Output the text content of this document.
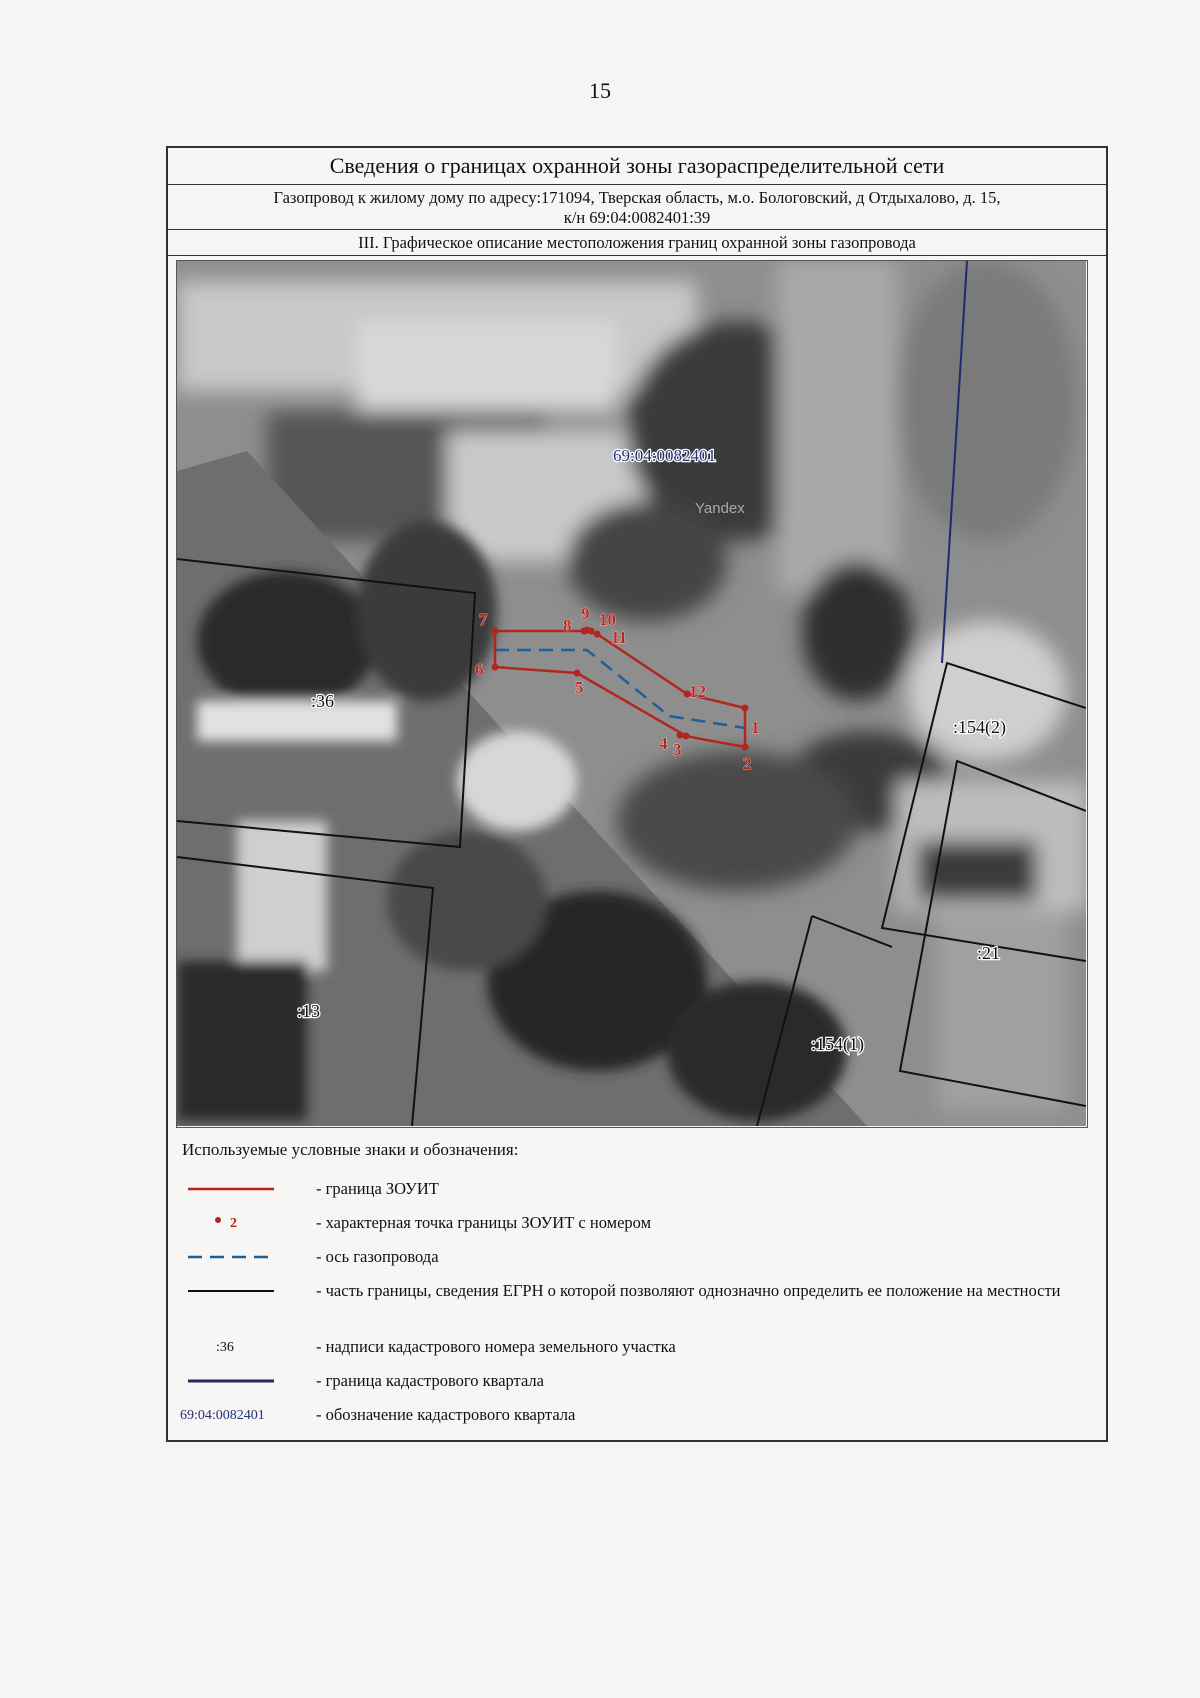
15
Сведения о границах охранной зоны газораспределительной сети
Газопровод к жилому дому по адресу:171094, Тверская область, м.о. Бологовский, д Отдыхалово, д. 15,
к/н 69:04:0082401:39
III. Графическое описание местоположения границ охранной зоны газопровода
1
2
3
4
5
6
7	8
9 10
11
12
69:04:0082401
Yandex
:36
:13
:154(2)
:21
:154(1)
Используемые условные знаки и обозначения:
- граница ЗОУИТ
2	- характерная точка границы ЗОУИТ с номером
- ось газопровода
- часть границы, сведения ЕГРН о которой позволяют однозначно определить ее положение на местности
:36	- надписи кадастрового номера земельного участка
- граница кадастрового квартала
69:04:0082401	- обозначение кадастрового квартала
